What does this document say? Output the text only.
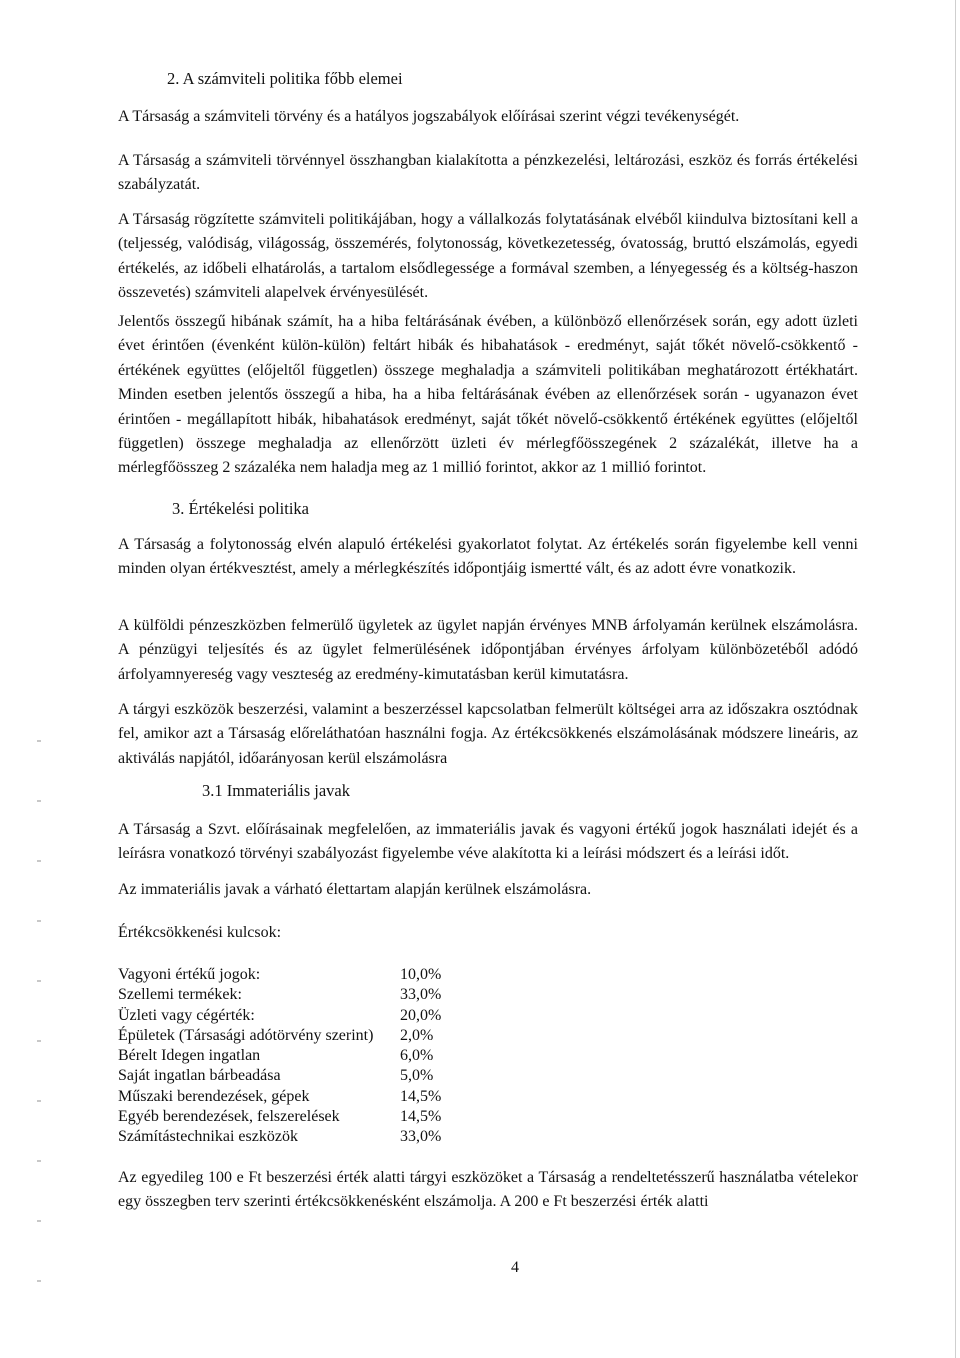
2. A számviteli politika főbb elemei
A Társaság a számviteli törvény és a hatályos jogszabályok előírásai szerint végzi tevékenységét.
A Társaság a számviteli törvénnyel összhangban kialakította a pénzkezelési, leltározási, eszköz és forrás értékelési szabályzatát.
A Társaság rögzítette számviteli politikájában, hogy a vállalkozás folytatásának elvéből kiindulva biztosítani kell a (teljesség, valódiság, világosság, összemérés, folytonosság, következetesség, óvatosság, bruttó elszámolás, egyedi értékelés, az időbeli elhatárolás, a tartalom elsődlegessége a formával szemben, a lényegesség és a költség-haszon összevetés) számviteli alapelvek érvényesülését.
Jelentős összegű hibának számít, ha a hiba feltárásának évében, a különböző ellenőrzések során, egy adott üzleti évet érintően (évenként külön-külön) feltárt hibák és hibahatások - eredményt, saját tőkét növelő-csökkentő - értékének együttes (előjeltől független) összege meghaladja a számviteli politikában meghatározott értékhatárt. Minden esetben jelentős összegű a hiba, ha a hiba feltárásának évében az ellenőrzések során - ugyanazon évet érintően - megállapított hibák, hibahatások eredményt, saját tőkét növelő-csökkentő értékének együttes (előjeltől független) összege meghaladja az ellenőrzött üzleti év mérlegfőösszegének 2 százalékát, illetve ha a mérlegfőösszeg 2 százaléka nem haladja meg az 1 millió forintot, akkor az 1 millió forintot.
3. Értékelési politika
A Társaság a folytonosság elvén alapuló értékelési gyakorlatot folytat. Az értékelés során figyelembe kell venni minden olyan értékvesztést, amely a mérlegkészítés időpontjáig ismertté vált, és az adott évre vonatkozik.
A külföldi pénzeszközben felmerülő ügyletek az ügylet napján érvényes MNB árfolyamán kerülnek elszámolásra. A pénzügyi teljesítés és az ügylet felmerülésének időpontjában érvényes árfolyam különbözetéből adódó árfolyamnyereség vagy veszteség az eredmény-kimutatásban kerül kimutatásra.
A tárgyi eszközök beszerzési, valamint a beszerzéssel kapcsolatban felmerült költségei arra az időszakra osztódnak fel, amikor azt a Társaság előreláthatóan használni fogja. Az értékcsökkenés elszámolásának módszere lineáris, az aktiválás napjától, időarányosan kerül elszámolásra
3.1 Immateriális javak
A Társaság a Szvt. előírásainak megfelelően, az immateriális javak és vagyoni értékű jogok használati idejét és a leírásra vonatkozó törvényi szabályozást figyelembe véve alakította ki a leírási módszert és a leírási időt.
Az immateriális javak a várható élettartam alapján kerülnek elszámolásra.
Értékcsökkenési kulcsok:
Vagyoni értékű jogok:	10,0%
Szellemi termékek:	33,0%
Üzleti vagy cégérték:	20,0%
Épületek (Társasági adótörvény szerint)	2,0%
Bérelt Idegen ingatlan	6,0%
Saját ingatlan bárbeadása	5,0%
Műszaki berendezések, gépek	14,5%
Egyéb berendezések, felszerelések	14,5%
Számítástechnikai eszközök	33,0%
Az egyedileg 100 e Ft beszerzési érték alatti tárgyi eszközöket a Társaság a rendeltetésszerű használatba vételekor egy összegben terv szerinti értékcsökkenésként elszámolja. A 200 e Ft beszerzési érték alatti
4
